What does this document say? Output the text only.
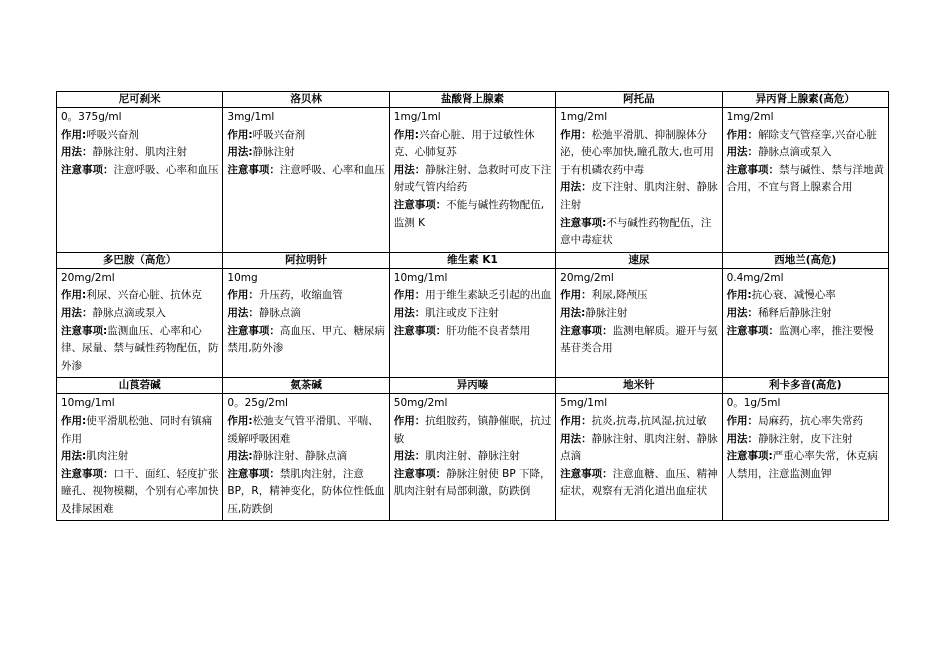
尼可刹米	洛贝林	盐酸肾上腺素	阿托品	异丙肾上腺素(高危）

0。375g/ml
作用:呼吸兴奋剂
用法：静脉注射、肌肉注射
注意事项：注意呼吸、心率和血压	3mg/1ml
作用:呼吸兴奋剂
用法:静脉注射
注意事项：注意呼吸、心率和血压	1mg/1ml
作用:兴奋心脏、用于过敏性休克、心肺复苏
用法：静脉注射、急救时可皮下注射或气管内给药
注意事项：不能与碱性药物配伍,监测 K	1mg/2ml
作用：松弛平滑肌、抑制腺体分泌，使心率加快,瞳孔散大,也可用于有机磷农药中毒
用法：皮下注射、肌肉注射、静脉注射
注意事项:不与碱性药物配伍，注意中毒症状	1mg/2ml
作用：解除支气管痉挛,兴奋心脏
用法：静脉点滴或泵入
注意事项：禁与碱性、禁与洋地黄合用，不宜与肾上腺素合用

多巴胺（高危）	阿拉明针	维生素 K1	速尿	西地兰(高危)

20mg/2ml
作用:利尿、兴奋心脏、抗休克
用法：静脉点滴或泵入
注意事项:监测血压、心率和心律、尿量、禁与碱性药物配伍，防外渗	10mg
作用：升压药，收缩血管
用法：静脉点滴
注意事项：高血压、甲亢、糖尿病禁用,防外渗	10mg/1ml
作用：用于维生素缺乏引起的出血
用法：肌注或皮下注射
注意事项：肝功能不良者禁用	20mg/2ml
作用：利尿,降颅压
用法:静脉注射
注意事项：监测电解质。避开与氨基苷类合用	0.4mg/2ml
作用:抗心衰、减慢心率
用法：稀释后静脉注射
注意事项：监测心率，推注要慢

山莨菪碱	氨茶碱	异丙嗪	地米针	利卡多音(高危)

10mg/1ml
作用:使平滑肌松弛、同时有镇痛作用
用法:肌肉注射
注意事项：口干、面红、轻度扩张瞳孔、视物模糊，个别有心率加快及排尿困难	0。25g/2ml
作用:松弛支气管平滑肌、平喘、缓解呼吸困难
用法:静脉注射、静脉点滴
注意事项：禁肌肉注射，注意BP，R，精神变化，防体位性低血压,防跌倒	50mg/2ml
作用：抗组胺药，镇静催眠，抗过敏
用法：肌肉注射、静脉注射
注意事项：静脉注射使 BP 下降，肌肉注射有局部刺激，防跌倒	5mg/1ml
作用：抗炎,抗毒,抗风湿,抗过敏
用法：静脉注射、肌肉注射、静脉点滴
注意事项：注意血糖、血压、精神症状，观察有无消化道出血症状	0。1g/5ml
作用：局麻药，抗心率失常药
用法：静脉注射，皮下注射
注意事项:严重心率失常，休克病人禁用，注意监测血钾
